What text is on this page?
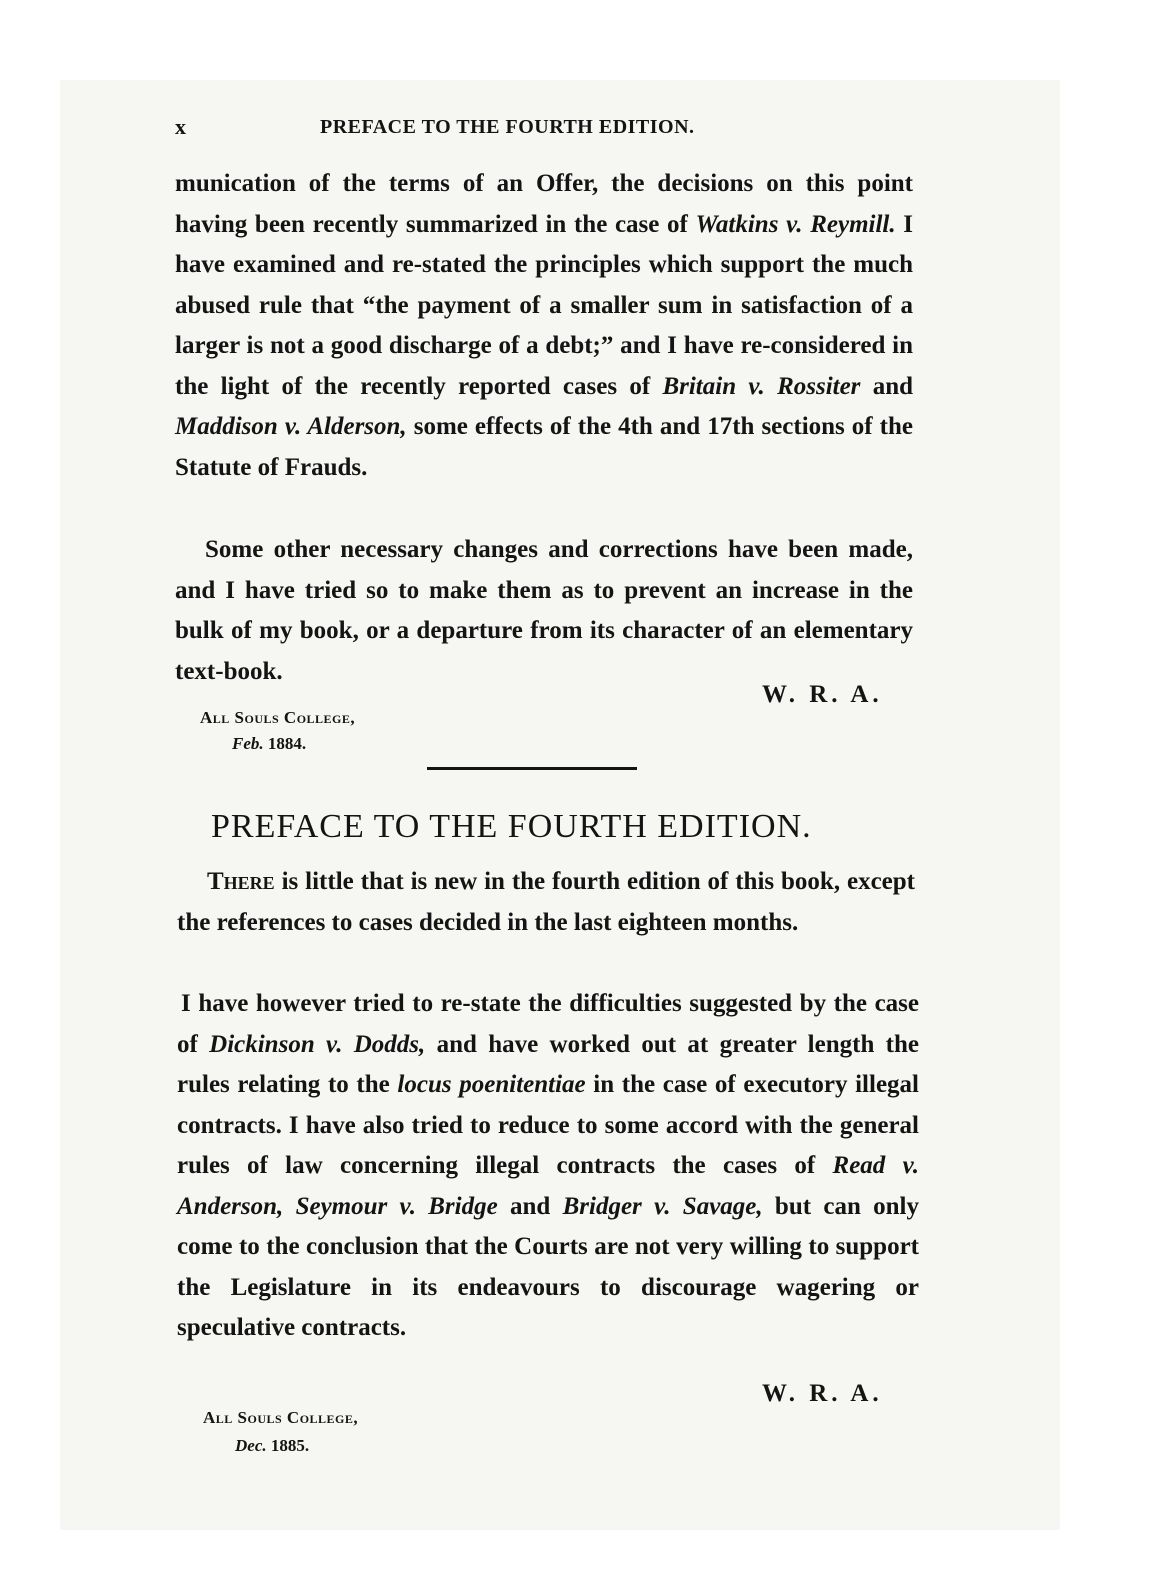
x	PREFACE TO THE FOURTH EDITION.

munication of the terms of an Offer, the decisions on this point having been recently summarized in the case of Watkins v. Reymill. I have examined and re-stated the principles which support the much abused rule that “the payment of a smaller sum in satisfaction of a larger is not a good discharge of a debt;” and I have re-considered in the light of the recently reported cases of Britain v. Rossiter and Maddison v. Alderson, some effects of the 4th and 17th sections of the Statute of Frauds.

Some other necessary changes and corrections have been made, and I have tried so to make them as to prevent an increase in the bulk of my book, or a departure from its character of an elementary text-book.

W. R. A.
All Souls College,
Feb. 1884.
PREFACE TO THE FOURTH EDITION.

There is little that is new in the fourth edition of this book, except the references to cases decided in the last eighteen months.

I have however tried to re-state the difficulties suggested by the case of Dickinson v. Dodds, and have worked out at greater length the rules relating to the locus poenitentiae in the case of executory illegal contracts. I have also tried to reduce to some accord with the general rules of law concerning illegal contracts the cases of Read v. Anderson, Seymour v. Bridge and Bridger v. Savage, but can only come to the conclusion that the Courts are not very willing to support the Legislature in its endeavours to discourage wagering or speculative contracts.

W. R. A.
All Souls College,
Dec. 1885.
